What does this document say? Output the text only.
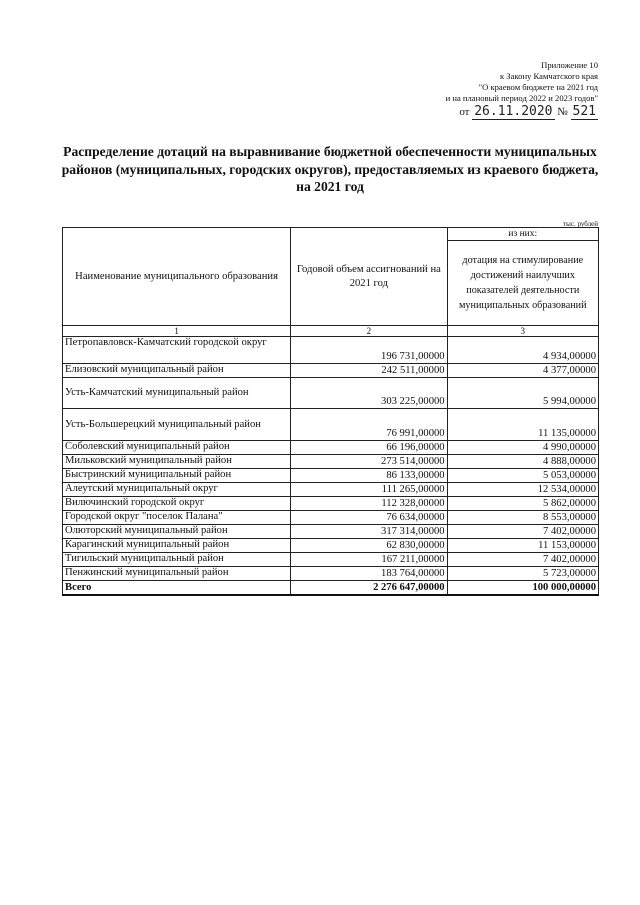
Приложение 10
к Закону Камчатского края
"О краевом бюджете на 2021 год
и на плановый период 2022 и 2023 годов"
от 26.11.2020 № 521
Распределение дотаций на выравнивание бюджетной обеспеченности муниципальных районов (муниципальных, городских округов), предоставляемых из краевого бюджета, на 2021 год
тыс. рублей
Наименование муниципального образования	Годовой объем ассигнований на 2021 год	из них:
		дотация на стимулирование достижений наилучших показателей деятельности муниципальных образований
1	2	3
Петропавловск-Камчатский городской округ	196 731,00000	4 934,00000
Елизовский муниципальный район	242 511,00000	4 377,00000
Усть-Камчатский муниципальный район	303 225,00000	5 994,00000
Усть-Большерецкий муниципальный район	76 991,00000	11 135,00000
Соболевский муниципальный район	66 196,00000	4 990,00000
Мильковский муниципальный район	273 514,00000	4 888,00000
Быстринский муниципальный район	86 133,00000	5 053,00000
Алеутский муниципальный округ	111 265,00000	12 534,00000
Вилючинский городской округ	112 328,00000	5 862,00000
Городской округ "поселок Палана"	76 634,00000	8 553,00000
Олюторский муниципальный район	317 314,00000	7 402,00000
Карагинский муниципальный район	62 830,00000	11 153,00000
Тигильский муниципальный район	167 211,00000	7 402,00000
Пенжинский муниципальный район	183 764,00000	5 723,00000
Всего	2 276 647,00000	100 000,00000
